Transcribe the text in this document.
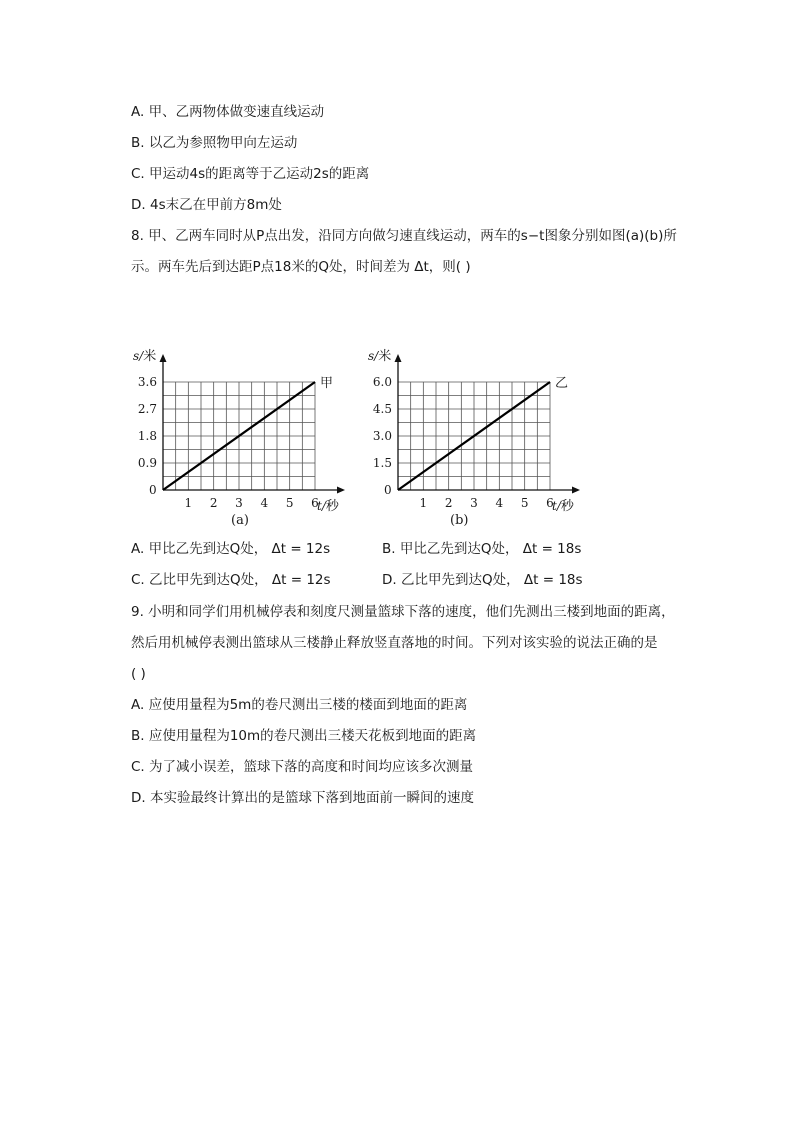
A. 甲、乙两物体做变速直线运动
B. 以乙为参照物甲向左运动
C. 甲运动4s的距离等于乙运动2s的距离
D. 4s末乙在甲前方8m处
8. 甲、乙两车同时从P点出发，沿同方向做匀速直线运动，两车的s−t图象分别如图(a)(b)所
示。两车先后到达距P点18米的Q处，时间差为 Δt，则( )
0
1 2 3 4 5 6
0.9
1.8
2.7
3.6
s/米
t/秒
甲
(a)
0
1 2 3 4 5 6
1.5
3.0
4.5
6.0
s/米
t/秒
乙
(b)
A. 甲比乙先到达Q处， Δt = 12s	B. 甲比乙先到达Q处， Δt = 18s
C. 乙比甲先到达Q处， Δt = 12s	D. 乙比甲先到达Q处， Δt = 18s
9. 小明和同学们用机械停表和刻度尺测量篮球下落的速度，他们先测出三楼到地面的距离，
然后用机械停表测出篮球从三楼静止释放竖直落地的时间。下列对该实验的说法正确的是
( )
A. 应使用量程为5m的卷尺测出三楼的楼面到地面的距离
B. 应使用量程为10m的卷尺测出三楼天花板到地面的距离
C. 为了减小误差，篮球下落的高度和时间均应该多次测量
D. 本实验最终计算出的是篮球下落到地面前一瞬间的速度
